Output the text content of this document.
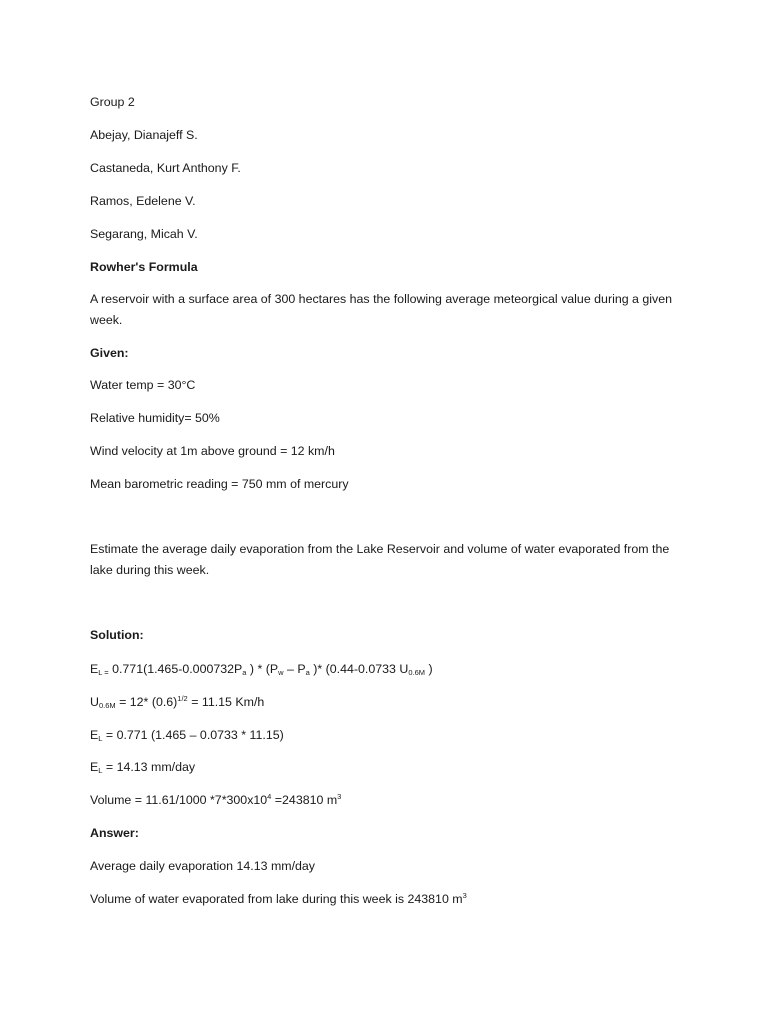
Group 2

Abejay, Dianajeff S.

Castaneda, Kurt Anthony F.

Ramos, Edelene V.

Segarang, Micah V.

Rowher's Formula

A reservoir with a surface area of 300 hectares has the following average meteorgical value during a given week.

Given:

Water temp = 30°C

Relative humidity= 50%

Wind velocity at 1m above ground = 12 km/h

Mean barometric reading = 750 mm of mercury

Estimate the average daily evaporation from the Lake Reservoir and volume of water evaporated from the lake during this week.

Solution:

$E_{L =}$ $0.771(1.465-0.000732P_a$ ) * ($P_w - P_a$ )* (0.44-0.0733 $U_{0.6M}$ )

$U_{0.6M} = 12*$ $(0.6)^{1/2} = 11.15$ Km/h

$E_L = 0.771$ (1.465 – 0.0733 * 11.15)

$E_L = 14.13$ mm/day

Volume = 11.61/1000 $*7*300x10^4 =243810$ $m^3$

Answer:

Average daily evaporation 14.13 mm/day

Volume of water evaporated from lake during this week is 243810 $m^3$
